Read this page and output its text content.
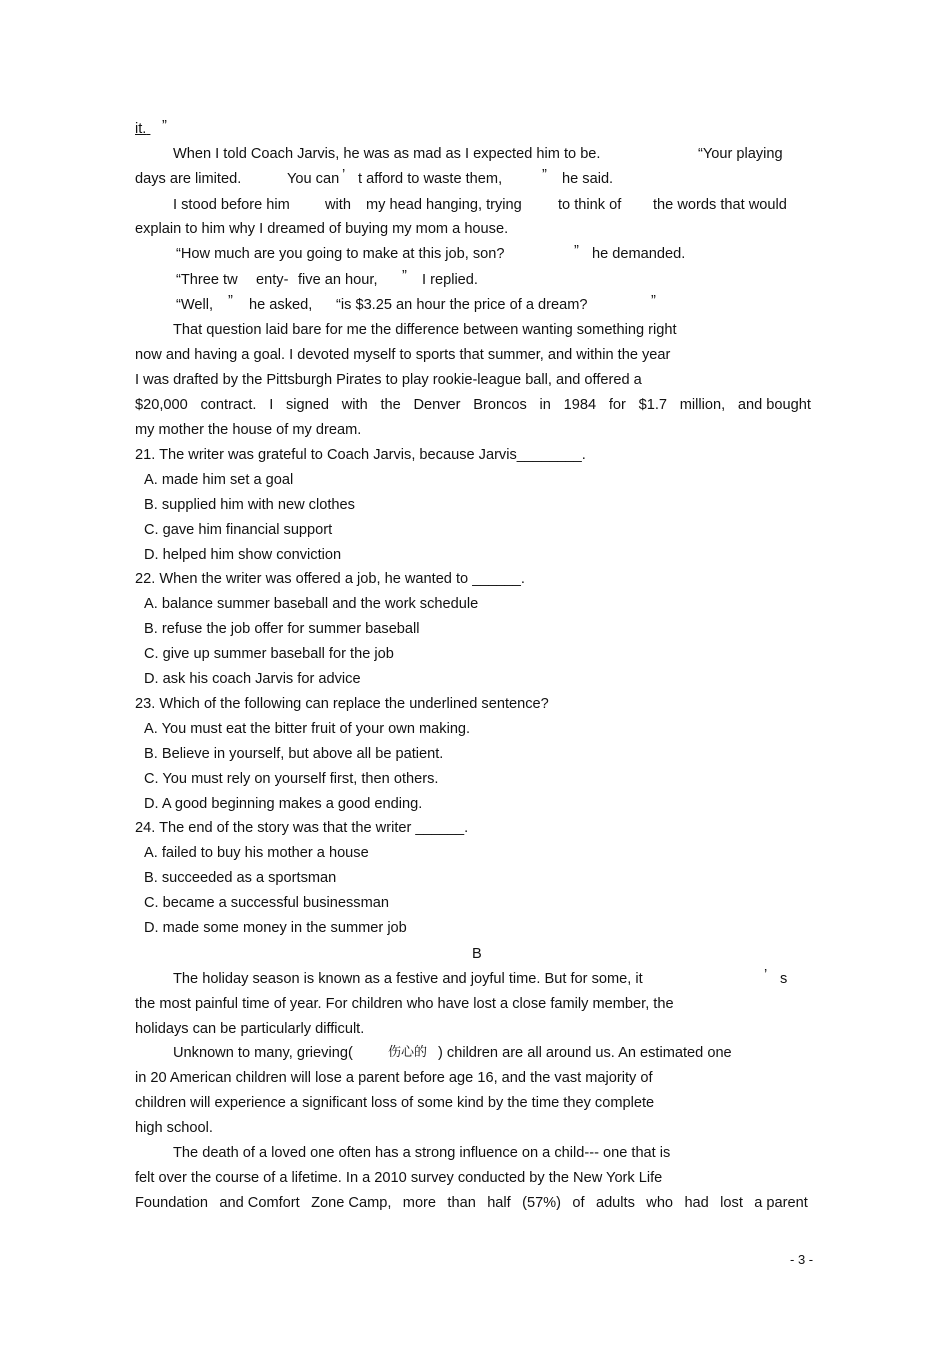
it.	”
When I told Coach Jarvis, he was as mad as I expected him to be.	“Your playing
days are limited.	You can ’ t afford to waste them,	” he said.
I stood before him with my head hanging, trying to think of the words that would
explain to him why I dreamed of buying my mom a house.
“How much are you going to make at this job, son?	” he demanded.
“Three tw enty- five an hour, ” I replied.
“Well, ” he asked, “is $3.25 an hour the price of a dream?	”
That question laid bare for me the difference between wanting something right
now and having a goal. I devoted myself to sports that summer, and within the year
I was drafted by the Pittsburgh Pirates to play rookie-league ball, and offered a
$20,000 contract. I signed with the Denver Broncos in 1984 for $1.7 million, and bought
my mother the house of my dream.
21. The writer was grateful to Coach Jarvis, because Jarvis________.
A. made him set a goal
B. supplied him with new clothes
C. gave him financial support
D. helped him show conviction
22. When the writer was offered a job, he wanted to ______.
A. balance summer baseball and the work schedule
B. refuse the job offer for summer baseball
C. give up summer baseball for the job
D. ask his coach Jarvis for advice
23. Which of the following can replace the underlined sentence?
A. You must eat the bitter fruit of your own making.
B. Believe in yourself, but above all be patient.
C. You must rely on yourself first, then others.
D. A good beginning makes a good ending.
24. The end of the story was that the writer ______.
A. failed to buy his mother a house
B. succeeded as a sportsman
C. became a successful businessman
D. made some money in the summer job
B
The holiday season is known as a festive and joyful time. But for some, it	’ s
the most painful time of year. For children who have lost a close family member, the
holidays can be particularly difficult.
Unknown to many, grieving(	伤心的 ) children are all around us. An estimated one
in 20 American children will lose a parent before age 16, and the vast majority of
children will experience a significant loss of some kind by the time they complete
high school.
The death of a loved one often has a strong influence on a child--- one that is
felt over the course of a lifetime. In a 2010 survey conducted by the New York Life
Foundation and Comfort Zone Camp, more than half (57%) of adults who had lost a parent
- 3 -
